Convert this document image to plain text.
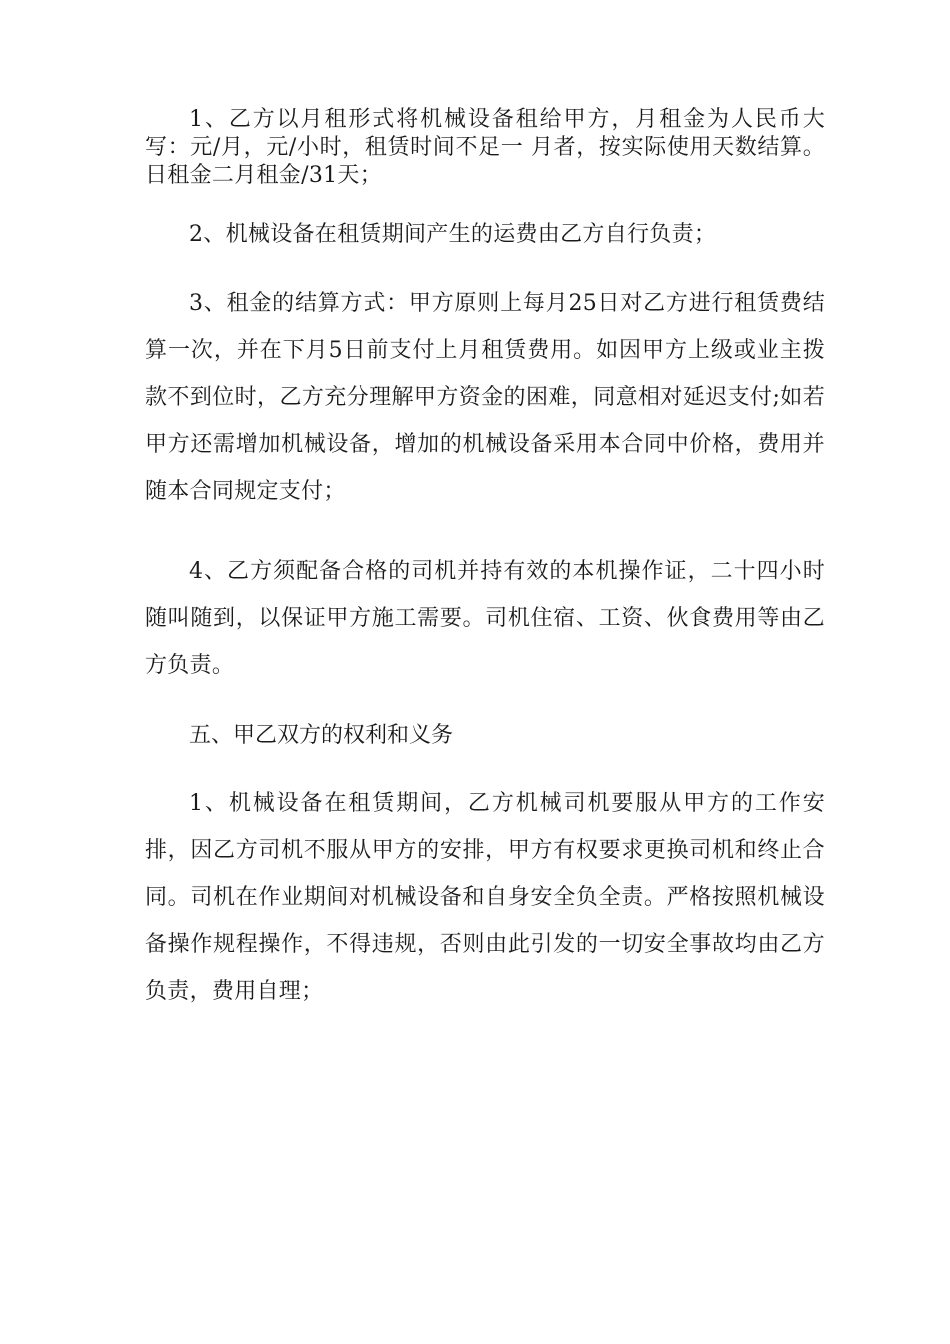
1、乙方以月租形式将机械设备租给甲方，月租金为人民币大写：元/月，元/小时，租赁时间不足一 月者，按实际使用天数结算。日租金二月租金/31天；

2、机械设备在租赁期间产生的运费由乙方自行负责；

3、租金的结算方式：甲方原则上每月25日对乙方进行租赁费结算一次，并在下月5日前支付上月租赁费用。如因甲方上级或业主拨款不到位时，乙方充分理解甲方资金的困难，同意相对延迟支付;如若甲方还需增加机械设备，增加的机械设备采用本合同中价格，费用并随本合同规定支付；

4、乙方须配备合格的司机并持有效的本机操作证，二十四小时随叫随到，以保证甲方施工需要。司机住宿、工资、伙食费用等由乙方负责。

五、甲乙双方的权利和义务

1、机械设备在租赁期间，乙方机械司机要服从甲方的工作安排，因乙方司机不服从甲方的安排，甲方有权要求更换司机和终止合同。司机在作业期间对机械设备和自身安全负全责。严格按照机械设备操作规程操作，不得违规，否则由此引发的一切安全事故均由乙方负责，费用自理；
